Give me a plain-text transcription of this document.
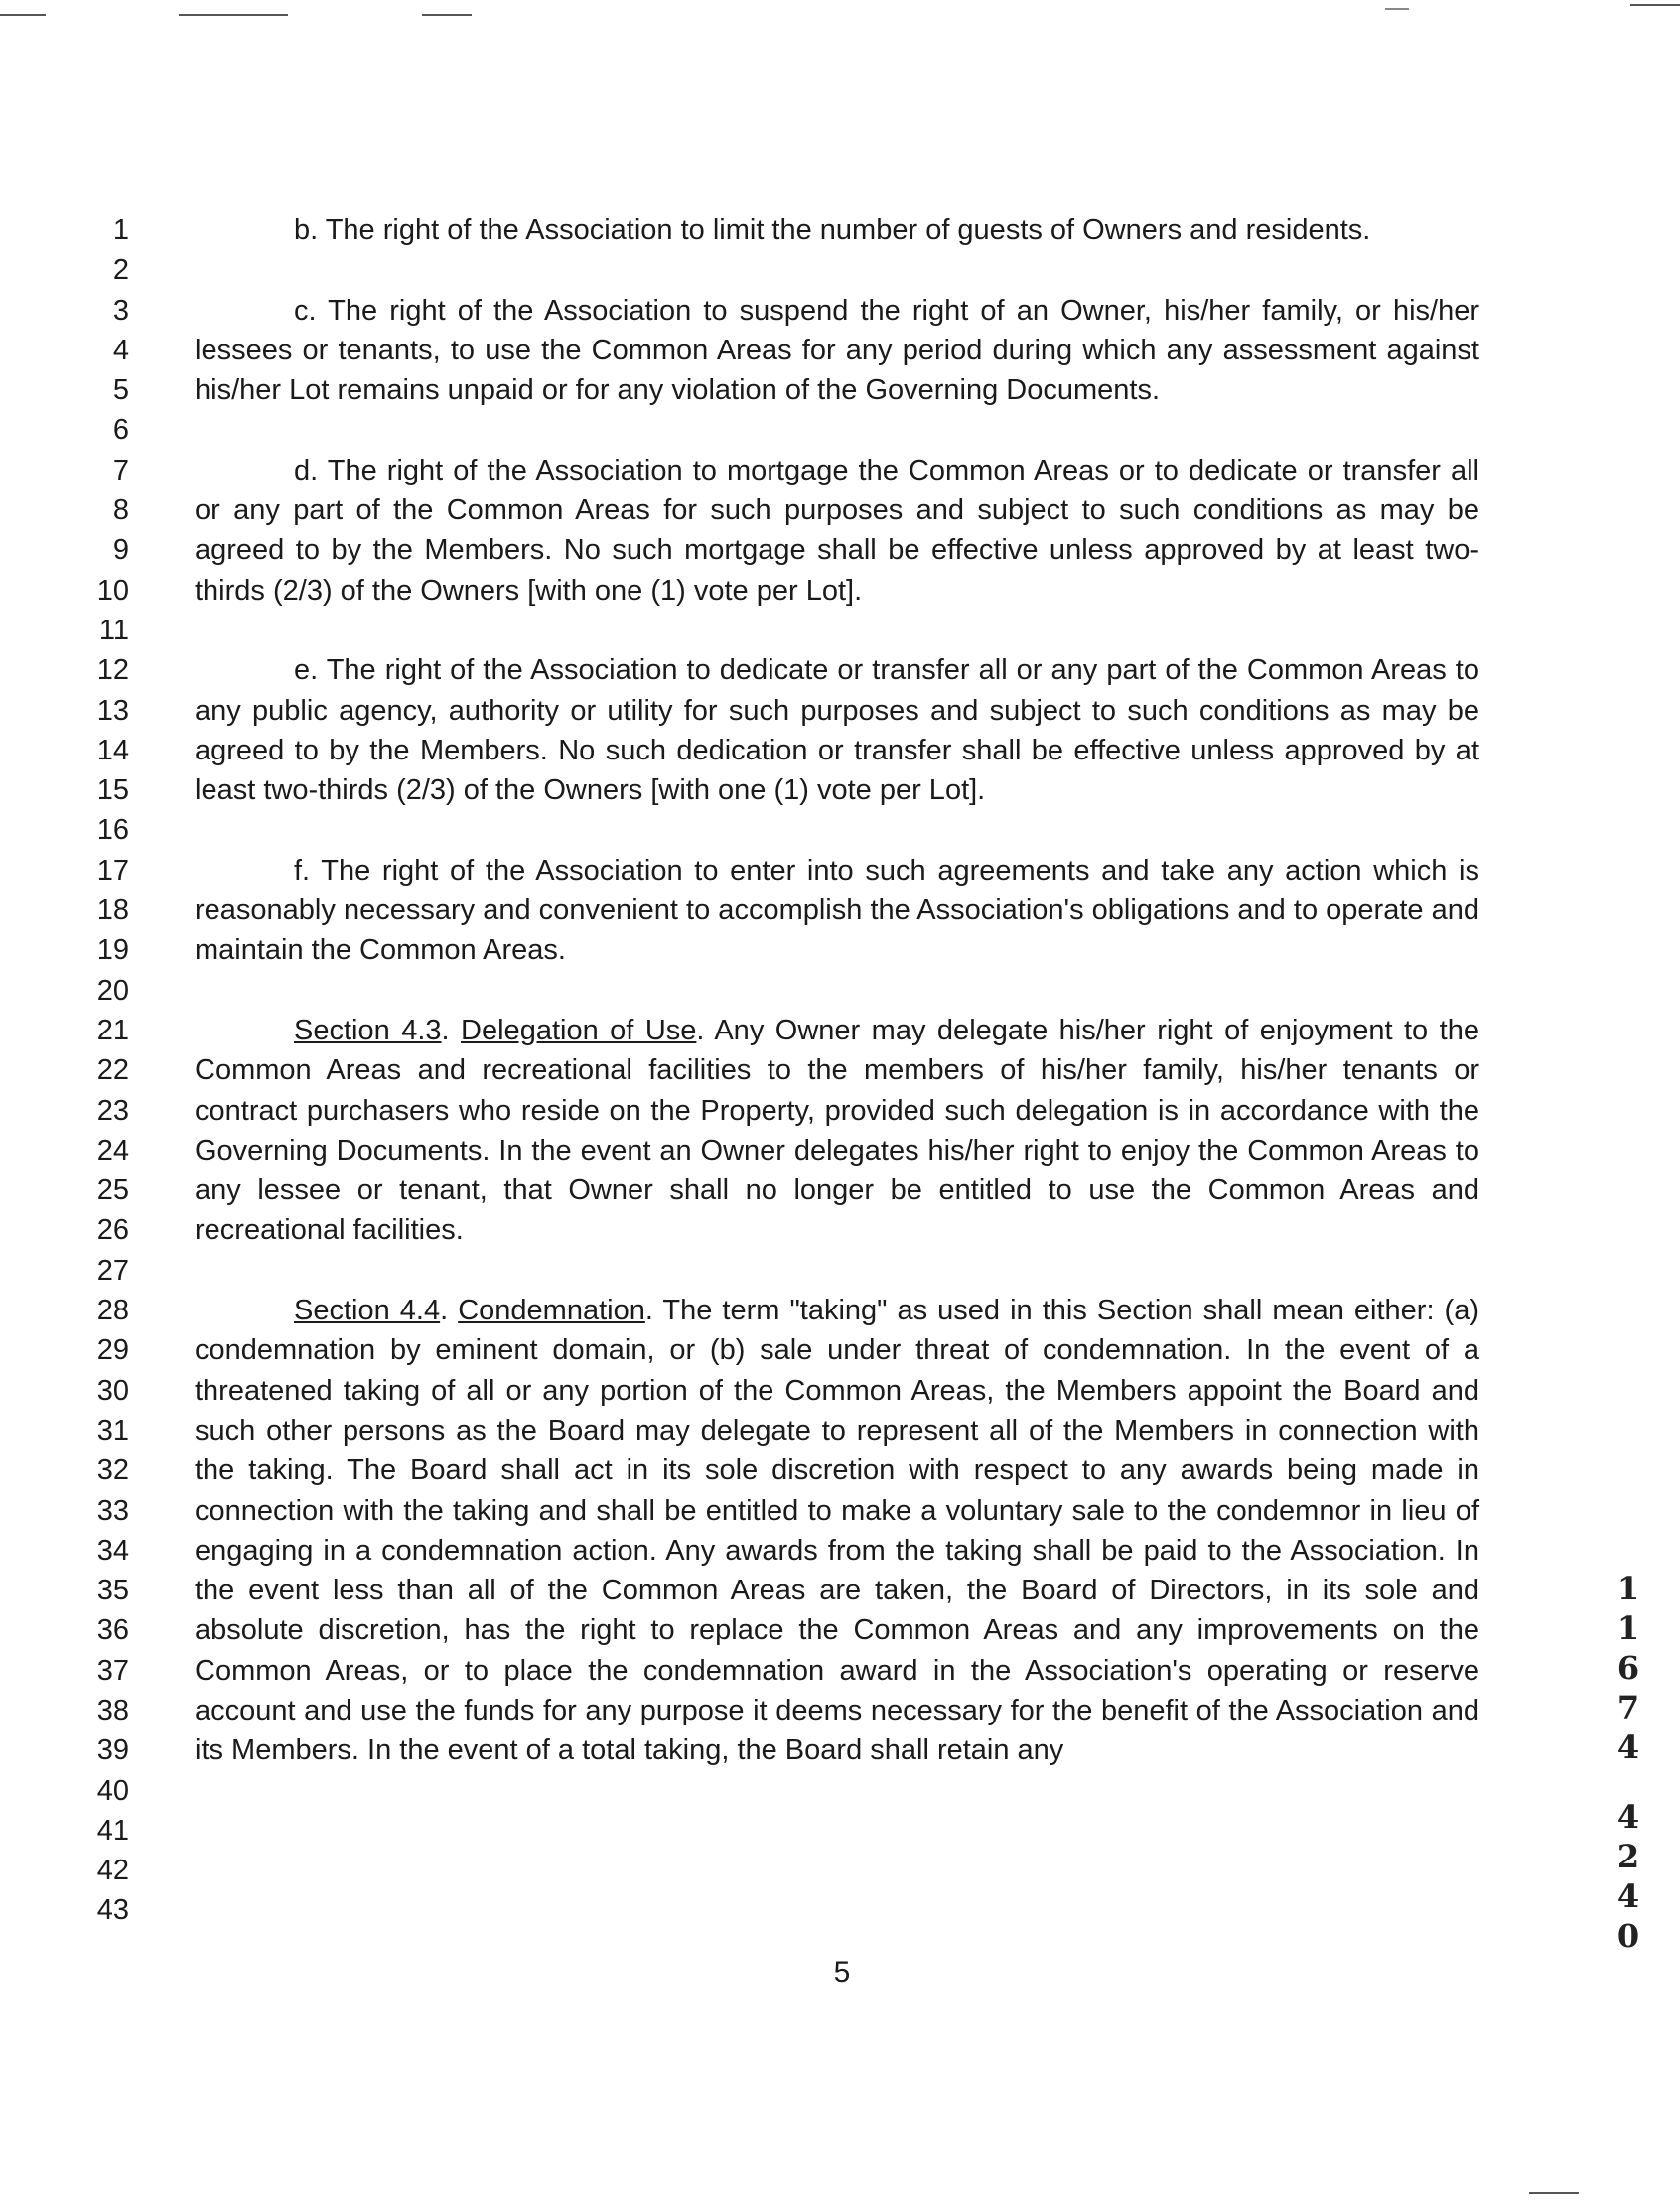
1
2
3
4
5
6
7
8
9
10
11
12
13
14
15
16
17
18
19
20
21
22
23
24
25
26
27
28
29
30
31
32
33
34
35
36
37
38
39
40
41
42
43

b. The right of the Association to limit the number of guests of Owners and residents.

c. The right of the Association to suspend the right of an Owner, his/her family, or his/her lessees or tenants, to use the Common Areas for any period during which any assessment against his/her Lot remains unpaid or for any violation of the Governing Documents.

d. The right of the Association to mortgage the Common Areas or to dedicate or transfer all or any part of the Common Areas for such purposes and subject to such conditions as may be agreed to by the Members. No such mortgage shall be effective unless approved by at least two-thirds (2/3) of the Owners [with one (1) vote per Lot].

e. The right of the Association to dedicate or transfer all or any part of the Common Areas to any public agency, authority or utility for such purposes and subject to such conditions as may be agreed to by the Members. No such dedication or transfer shall be effective unless approved by at least two-thirds (2/3) of the Owners [with one (1) vote per Lot].

f. The right of the Association to enter into such agreements and take any action which is reasonably necessary and convenient to accomplish the Association's obligations and to operate and maintain the Common Areas.

Section 4.3. Delegation of Use. Any Owner may delegate his/her right of enjoyment to the Common Areas and recreational facilities to the members of his/her family, his/her tenants or contract purchasers who reside on the Property, provided such delegation is in accordance with the Governing Documents. In the event an Owner delegates his/her right to enjoy the Common Areas to any lessee or tenant, that Owner shall no longer be entitled to use the Common Areas and recreational facilities.

Section 4.4. Condemnation. The term "taking" as used in this Section shall mean either: (a) condemnation by eminent domain, or (b) sale under threat of condemnation. In the event of a threatened taking of all or any portion of the Common Areas, the Members appoint the Board and such other persons as the Board may delegate to represent all of the Members in connection with the taking. The Board shall act in its sole discretion with respect to any awards being made in connection with the taking and shall be entitled to make a voluntary sale to the condemnor in lieu of engaging in a condemnation action. Any awards from the taking shall be paid to the Association. In the event less than all of the Common Areas are taken, the Board of Directors, in its sole and absolute discretion, has the right to replace the Common Areas and any improvements on the Common Areas, or to place the condemnation award in the Association's operating or reserve account and use the funds for any purpose it deems necessary for the benefit of the Association and its Members. In the event of a total taking, the Board shall retain any

5
1
1
6
7
4
4
2
4
0
